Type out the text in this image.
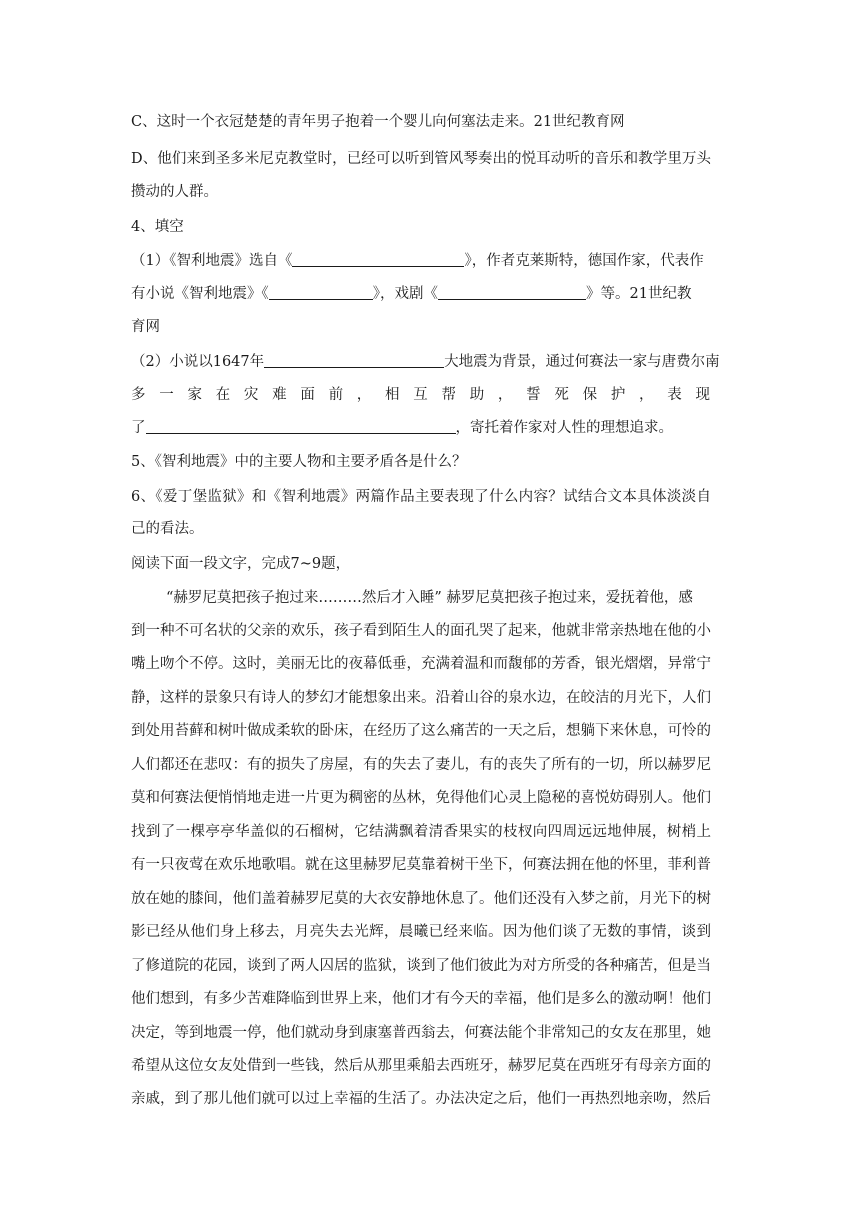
C、这时一个衣冠楚楚的青年男子抱着一个婴儿向何塞法走来。21世纪教育网
D、他们来到圣多米尼克教堂时，已经可以听到管风琴奏出的悦耳动听的音乐和教学里万头
攒动的人群。
4、填空
（1）《智利地震》选自《	》，作者克莱斯特，德国作家，代表作
有小说《智利地震》《	》，戏剧《	》等。21世纪教
育网
（2）小说以1647年	大地震为背景，通过何赛法一家与唐费尔南
多一家在灾难面前，相互帮助，誓死保护，表现
了	，寄托着作家对人性的理想追求。
5、《智利地震》中的主要人物和主要矛盾各是什么？
6、《爱丁堡监狱》和《智利地震》两篇作品主要表现了什么内容？试结合文本具体淡淡自
己的看法。
阅读下面一段文字，完成7~9题，
“赫罗尼莫把孩子抱过来………然后才入睡” 赫罗尼莫把孩子抱过来，爱抚着他，感
到一种不可名状的父亲的欢乐，孩子看到陌生人的面孔哭了起来，他就非常亲热地在他的小
嘴上吻个不停。这时，美丽无比的夜幕低垂，充满着温和而馥郁的芳香，银光熠熠，异常宁
静，这样的景象只有诗人的梦幻才能想象出来。沿着山谷的泉水边，在皎洁的月光下，人们
到处用苔藓和树叶做成柔软的卧床，在经历了这么痛苦的一天之后，想躺下来休息，可怜的
人们都还在悲叹：有的损失了房屋，有的失去了妻儿，有的丧失了所有的一切，所以赫罗尼
莫和何赛法便悄悄地走进一片更为稠密的丛林，免得他们心灵上隐秘的喜悦妨碍别人。他们
找到了一棵亭亭华盖似的石榴树，它结满飘着清香果实的枝杈向四周远远地伸展，树梢上
有一只夜莺在欢乐地歌唱。就在这里赫罗尼莫靠着树干坐下，何赛法拥在他的怀里，菲利普
放在她的膝间，他们盖着赫罗尼莫的大衣安静地休息了。他们还没有入梦之前，月光下的树
影已经从他们身上移去，月亮失去光辉，晨曦已经来临。因为他们谈了无数的事情，谈到
了修道院的花园，谈到了两人囚居的监狱，谈到了他们彼此为对方所受的各种痛苦，但是当
他们想到，有多少苦难降临到世界上来，他们才有今天的幸福，他们是多么的激动啊！他们
决定，等到地震一停，他们就动身到康塞普西翁去，何赛法能个非常知己的女友在那里，她
希望从这位女友处借到一些钱，然后从那里乘船去西班牙，赫罗尼莫在西班牙有母亲方面的
亲戚，到了那儿他们就可以过上幸福的生活了。办法决定之后，他们一再热烈地亲吻，然后
